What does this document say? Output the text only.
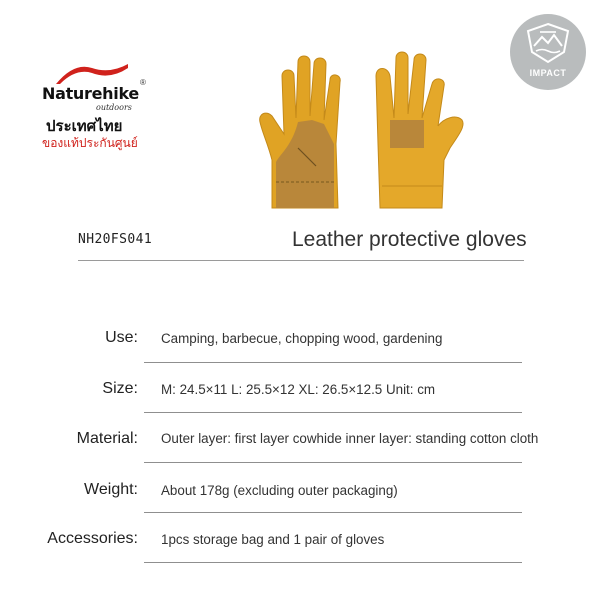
Naturehike
®
outdoors
ประเทศไทย
ของแท้ประกันศูนย์
IMPACT
NH20FS041	Leather protective gloves
Use: Camping, barbecue, chopping wood, gardening
Size: M: 24.5×11 L: 25.5×12 XL: 26.5×12.5 Unit: cm
Material: Outer layer: first layer cowhide inner layer: standing cotton cloth
Weight: About 178g (excluding outer packaging)
Accessories: 1pcs storage bag and 1 pair of gloves
